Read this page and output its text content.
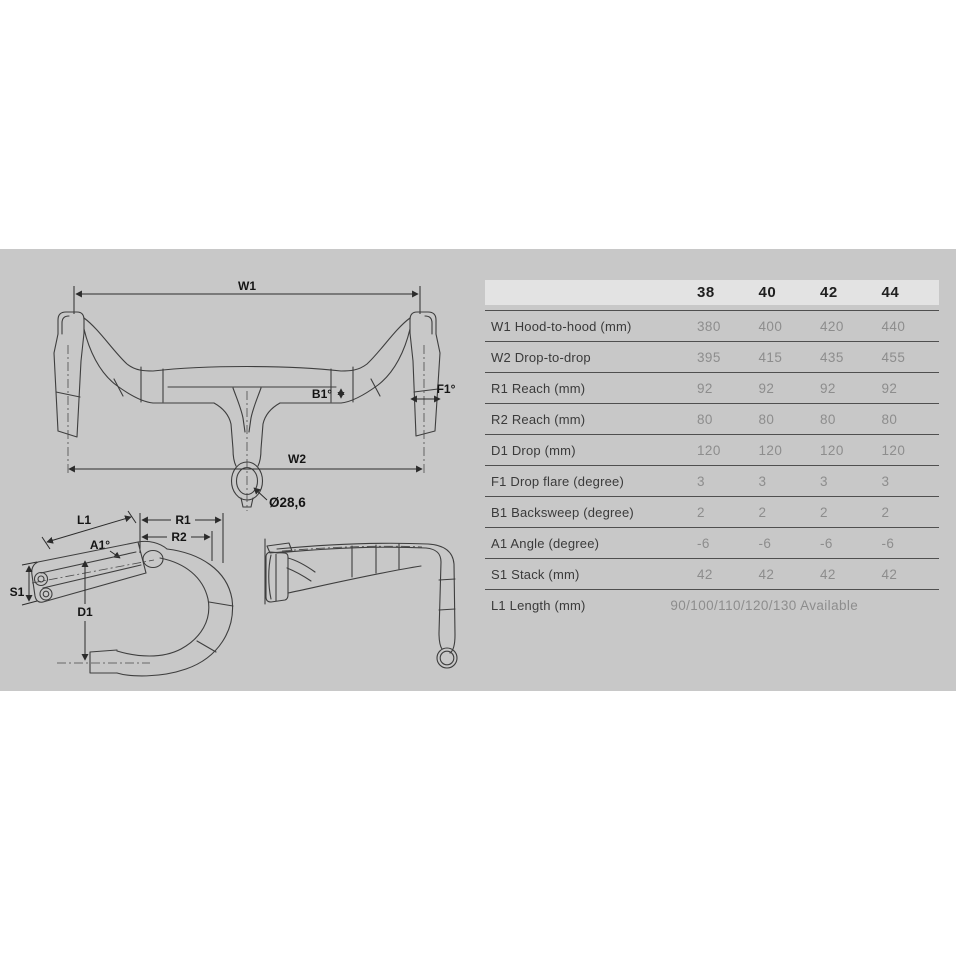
W1
B1°
Ø28,6
F1°
W2
L1	R1
R2
A1°
D1
S1
38	40	42	44
W1 Hood-to-hood (mm)	380	400	420	440
W2 Drop-to-drop	395	415	435	455
R1 Reach (mm)	92	92	92	92
R2 Reach (mm)	80	80	80	80
D1 Drop (mm)	120	120	120	120
F1 Drop flare (degree)	3	3	3	3
B1 Backsweep (degree)	2	2	2	2
A1 Angle (degree)	-6	-6	-6	-6
S1 Stack (mm)	42	42	42	42
L1 Length (mm)	90/100/110/120/130 Available
